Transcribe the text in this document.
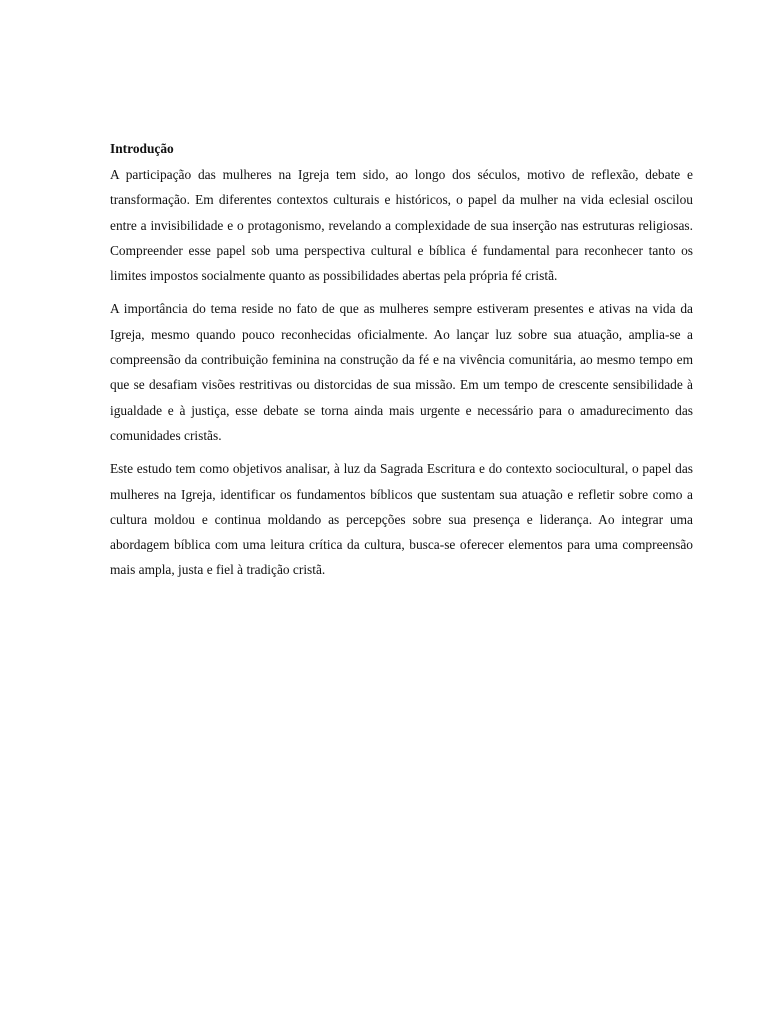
Introdução

A participação das mulheres na Igreja tem sido, ao longo dos séculos, motivo de reflexão, debate e transformação. Em diferentes contextos culturais e históricos, o papel da mulher na vida eclesial oscilou entre a invisibilidade e o protagonismo, revelando a complexidade de sua inserção nas estruturas religiosas. Compreender esse papel sob uma perspectiva cultural e bíblica é fundamental para reconhecer tanto os limites impostos socialmente quanto as possibilidades abertas pela própria fé cristã.

A importância do tema reside no fato de que as mulheres sempre estiveram presentes e ativas na vida da Igreja, mesmo quando pouco reconhecidas oficialmente. Ao lançar luz sobre sua atuação, amplia-se a compreensão da contribuição feminina na construção da fé e na vivência comunitária, ao mesmo tempo em que se desafiam visões restritivas ou distorcidas de sua missão. Em um tempo de crescente sensibilidade à igualdade e à justiça, esse debate se torna ainda mais urgente e necessário para o amadurecimento das comunidades cristãs.

Este estudo tem como objetivos analisar, à luz da Sagrada Escritura e do contexto sociocultural, o papel das mulheres na Igreja, identificar os fundamentos bíblicos que sustentam sua atuação e refletir sobre como a cultura moldou e continua moldando as percepções sobre sua presença e liderança. Ao integrar uma abordagem bíblica com uma leitura crítica da cultura, busca-se oferecer elementos para uma compreensão mais ampla, justa e fiel à tradição cristã.
